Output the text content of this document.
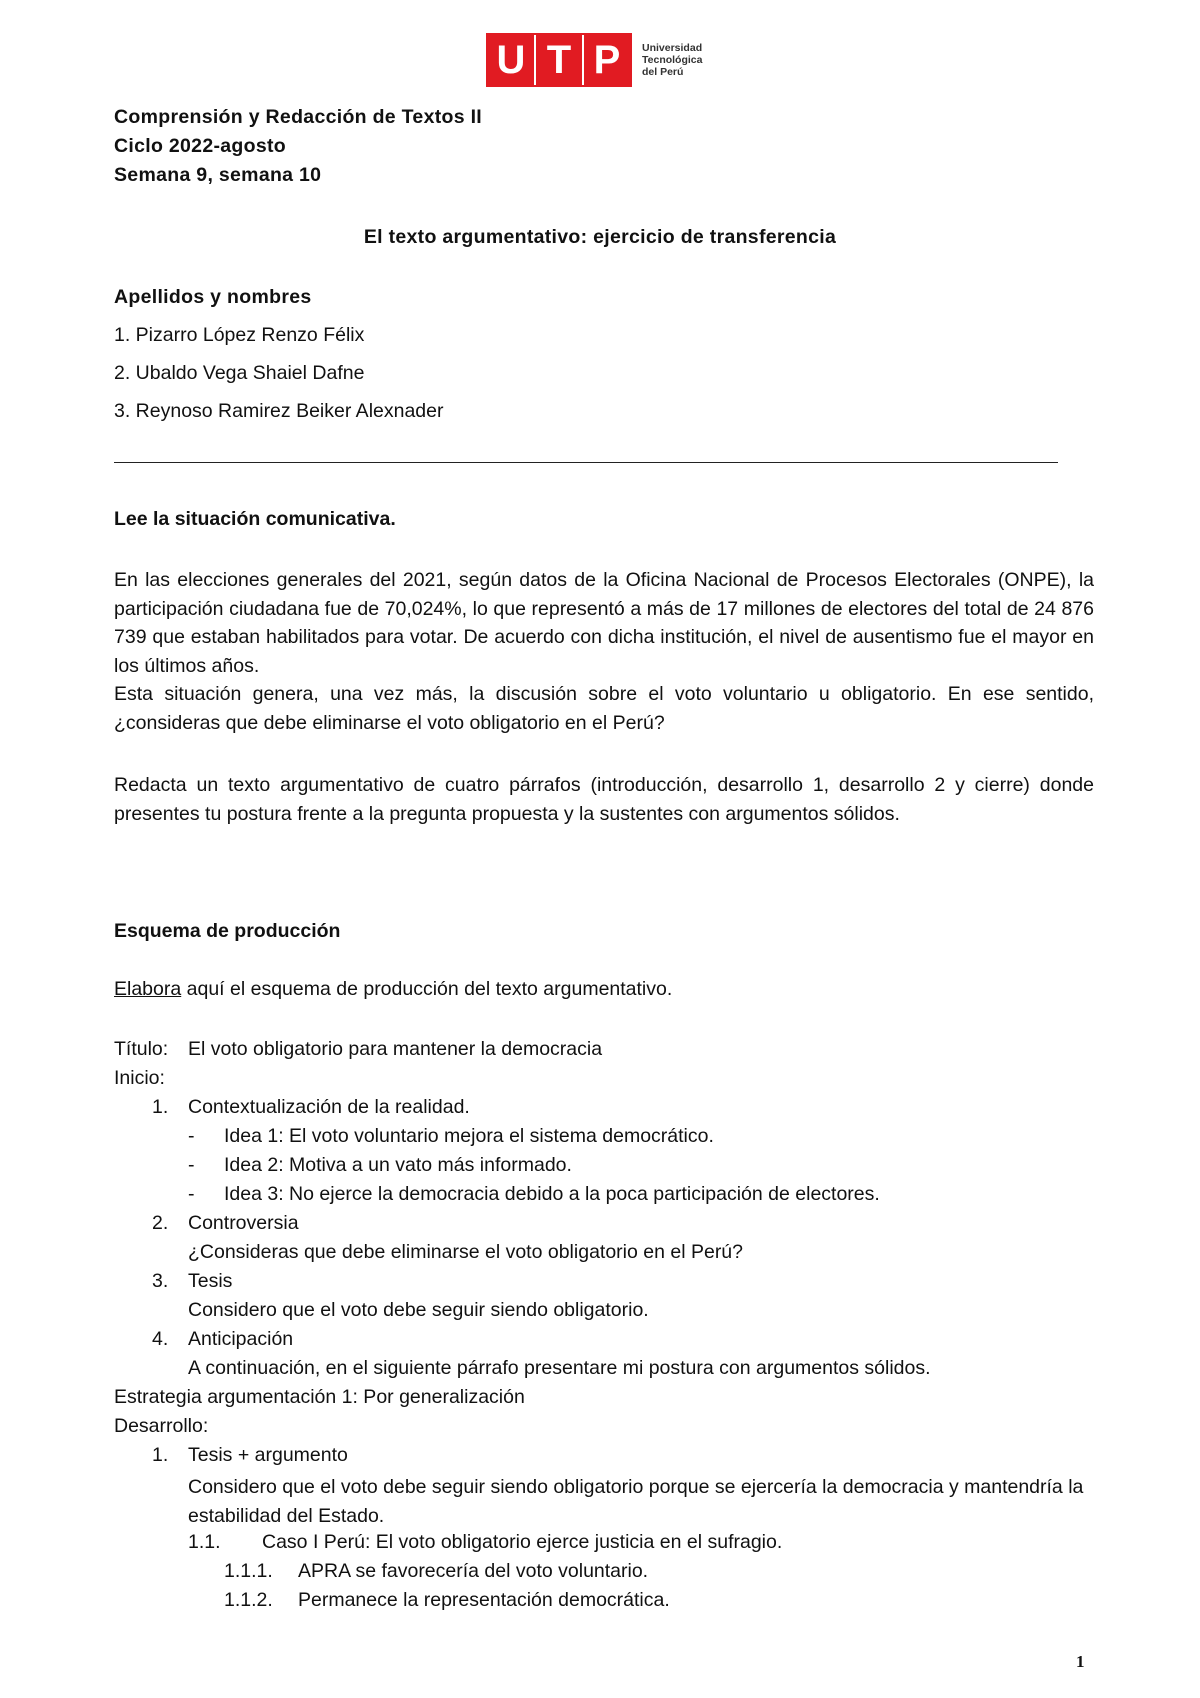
U T P	Universidad
Tecnológica
del Perú
Comprensión y Redacción de Textos II
Ciclo 2022-agosto
Semana 9, semana 10
El texto argumentativo: ejercicio de transferencia
Apellidos y nombres
1. Pizarro López Renzo Félix
2. Ubaldo Vega Shaiel Dafne
3. Reynoso Ramirez Beiker Alexnader
Lee la situación comunicativa.
En las elecciones generales del 2021, según datos de la Oficina Nacional de Procesos Electorales (ONPE), la participación ciudadana fue de 70,024%, lo que representó a más de 17 millones de electores del total de 24 876 739 que estaban habilitados para votar. De acuerdo con dicha institución, el nivel de ausentismo fue el mayor en los últimos años.
Esta situación genera, una vez más, la discusión sobre el voto voluntario u obligatorio. En ese sentido, ¿consideras que debe eliminarse el voto obligatorio en el Perú?
Redacta un texto argumentativo de cuatro párrafos (introducción, desarrollo 1, desarrollo 2 y cierre) donde presentes tu postura frente a la pregunta propuesta y la sustentes con argumentos sólidos.
Esquema de producción
Elabora aquí el esquema de producción del texto argumentativo.
Título: El voto obligatorio para mantener la democracia
Inicio:
1. Contextualización de la realidad.
- Idea 1: El voto voluntario mejora el sistema democrático.
- Idea 2: Motiva a un vato más informado.
- Idea 3: No ejerce la democracia debido a la poca participación de electores.
2. Controversia
¿Consideras que debe eliminarse el voto obligatorio en el Perú?
3. Tesis
Considero que el voto debe seguir siendo obligatorio.
4. Anticipación
A continuación, en el siguiente párrafo presentare mi postura con argumentos sólidos.
Estrategia argumentación 1: Por generalización
Desarrollo:
1. Tesis + argumento
Considero que el voto debe seguir siendo obligatorio porque se ejercería la democracia y mantendría la estabilidad del Estado.
1.1. Caso I Perú: El voto obligatorio ejerce justicia en el sufragio.
1.1.1. APRA se favorecería del voto voluntario.
1.1.2. Permanece la representación democrática.
1
